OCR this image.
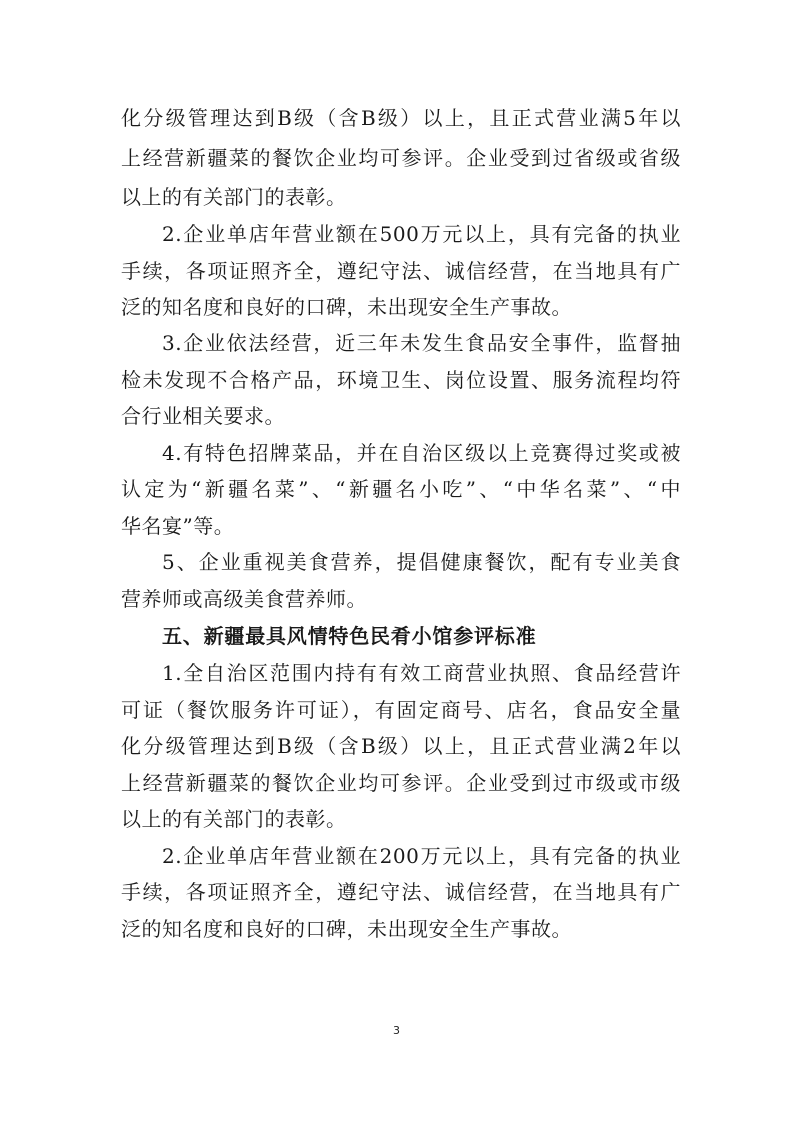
化分级管理达到B级（含B级）以上，且正式营业满5年以
上经营新疆菜的餐饮企业均可参评。企业受到过省级或省级
以上的有关部门的表彰。
2.企业单店年营业额在500万元以上，具有完备的执业
手续，各项证照齐全，遵纪守法、诚信经营，在当地具有广
泛的知名度和良好的口碑，未出现安全生产事故。
3.企业依法经营，近三年未发生食品安全事件，监督抽
检未发现不合格产品，环境卫生、岗位设置、服务流程均符
合行业相关要求。
4.有特色招牌菜品，并在自治区级以上竞赛得过奖或被
认定为“新疆名菜”、“新疆名小吃”、“中华名菜”、“中
华名宴”等。
5、企业重视美食营养，提倡健康餐饮，配有专业美食
营养师或高级美食营养师。
五、新疆最具风情特色民肴小馆参评标准
1.全自治区范围内持有有效工商营业执照、食品经营许
可证（餐饮服务许可证），有固定商号、店名，食品安全量
化分级管理达到B级（含B级）以上，且正式营业满2年以
上经营新疆菜的餐饮企业均可参评。企业受到过市级或市级
以上的有关部门的表彰。
2.企业单店年营业额在200万元以上，具有完备的执业
手续，各项证照齐全，遵纪守法、诚信经营，在当地具有广
泛的知名度和良好的口碑，未出现安全生产事故。
3
